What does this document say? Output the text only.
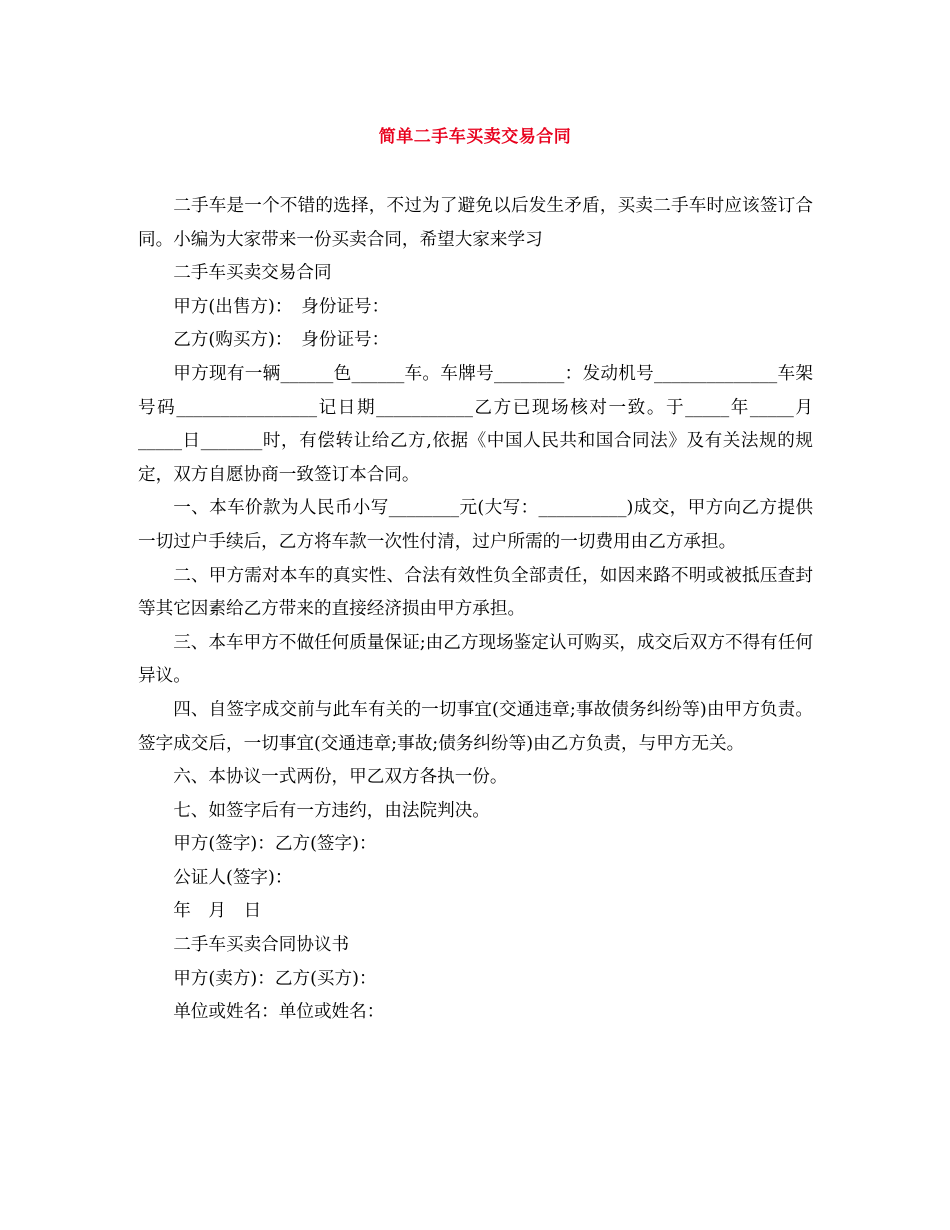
简单二手车买卖交易合同

二手车是一个不错的选择，不过为了避免以后发生矛盾，买卖二手车时应该签订合同。小编为大家带来一份买卖合同，希望大家来学习

二手车买卖交易合同

甲方(出售方)：　身份证号：

乙方(购买方)：　身份证号：

甲方现有一辆______色______车。车牌号________：发动机号______________车架号码________________记日期___________乙方已现场核对一致。于_____年_____月_____日_______时，有偿转让给乙方,依据《中国人民共和国合同法》及有关法规的规定，双方自愿协商一致签订本合同。

一、本车价款为人民币小写________元(大写：__________)成交，甲方向乙方提供一切过户手续后，乙方将车款一次性付清，过户所需的一切费用由乙方承担。

二、甲方需对本车的真实性、合法有效性负全部责任，如因来路不明或被抵压查封等其它因素给乙方带来的直接经济损由甲方承担。

三、本车甲方不做任何质量保证;由乙方现场鉴定认可购买，成交后双方不得有任何异议。

四、自签字成交前与此车有关的一切事宜(交通违章;事故债务纠纷等)由甲方负责。签字成交后，一切事宜(交通违章;事故;债务纠纷等)由乙方负责，与甲方无关。

六、本协议一式两份，甲乙双方各执一份。

七、如签字后有一方违约，由法院判决。

甲方(签字)：乙方(签字)：

公证人(签字)：

年　月　日

二手车买卖合同协议书

甲方(卖方)：乙方(买方)：

单位或姓名：单位或姓名：
